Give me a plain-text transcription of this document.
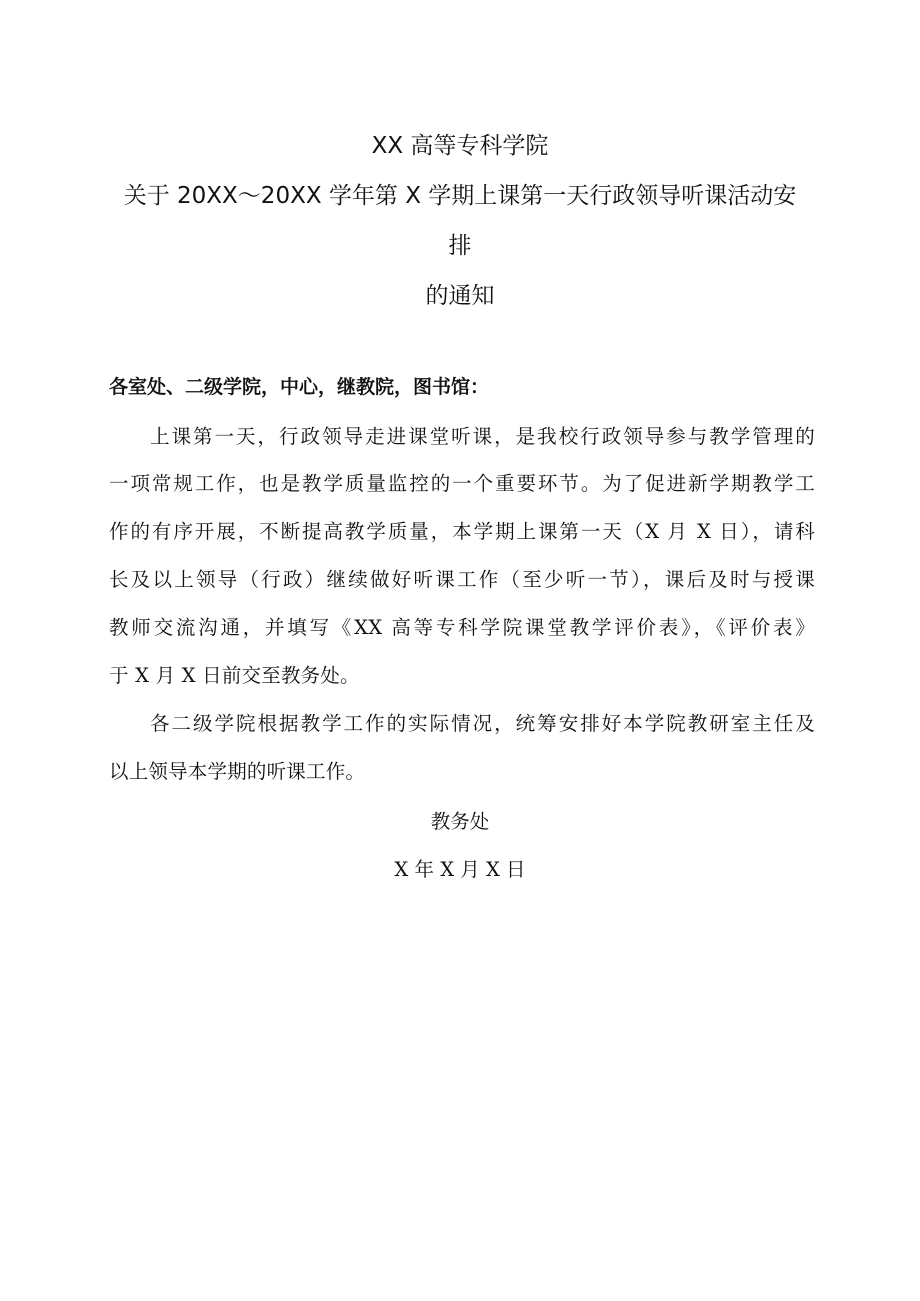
XX 高等专科学院
关于 20XX～20XX 学年第 X 学期上课第一天行政领导听课活动安
排
的通知
各室处、二级学院，中心，继教院，图书馆：
上课第一天，行政领导走进课堂听课，是我校行政领导参与教学管理的
一项常规工作，也是教学质量监控的一个重要环节。为了促进新学期教学工
作的有序开展，不断提高教学质量，本学期上课第一天（X 月 X 日），请科
长及以上领导（行政）继续做好听课工作（至少听一节），课后及时与授课
教师交流沟通，并填写《XX 高等专科学院课堂教学评价表》，《评价表》
于 X 月 X 日前交至教务处。
各二级学院根据教学工作的实际情况，统筹安排好本学院教研室主任及
以上领导本学期的听课工作。
教务处
X 年 X 月 X 日
